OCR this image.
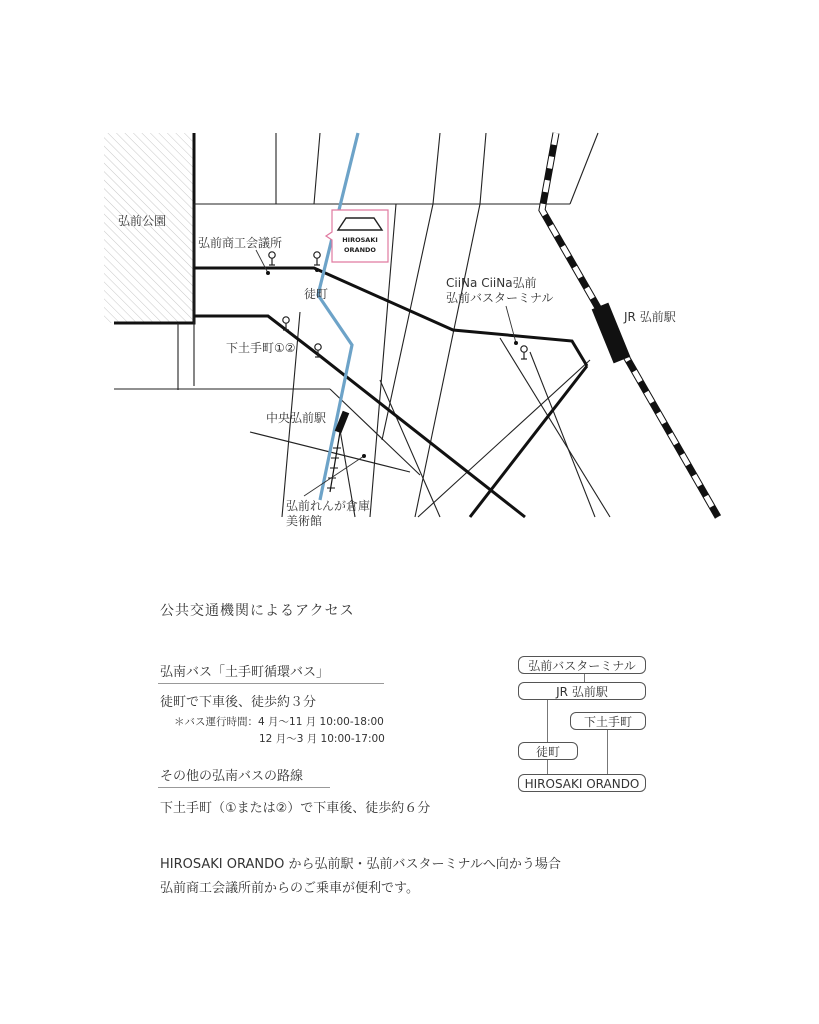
HIROSAKI
ORANDO
弘前公園
弘前商工会議所
徒町
下土手町①②
中央弘前駅
弘前れんが倉庫
美術館
CiiNa CiiNa弘前
弘前バスターミナル
JR 弘前駅
公共交通機関によるアクセス
弘南バス「土手町循環バス」
徒町で下車後、徒歩約３分
＊バス運行時間：4 月〜11 月 10:00-18:00
12 月〜3 月 10:00-17:00
その他の弘南バスの路線
下土手町（①または②）で下車後、徒歩約６分
HIROSAKI ORANDO から弘前駅・弘前バスターミナルへ向かう場合
弘前商工会議所前からのご乗車が便利です。
弘前バスターミナル
JR 弘前駅
下土手町
徒町
HIROSAKI ORANDO
